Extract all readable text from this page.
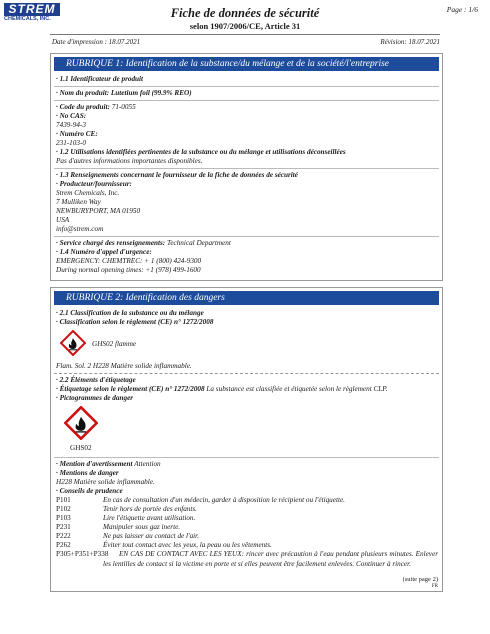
STREM
CHEMICALS, INC.	Fiche de données de sécurité
selon 1907/2006/CE, Article 31
Page : 1/6
Date d'impression : 18.07.2021	Révision: 18.07.2021
RUBRIQUE 1: Identification de la substance/du mélange et de la société/l'entreprise
· 1.1 Identificateur de produit
· Nom du produit: Lutetium foil (99.9% REO)
· Code du produit: 71-0055
· No CAS:
7439-94-3
· Numéro CE:
231-103-0
· 1.2 Utilisations identifiées pertinentes de la substance ou du mélange et utilisations déconseillées
Pas d'autres informations importantes disponibles.
· 1.3 Renseignements concernant le fournisseur de la fiche de données de sécurité
· Producteur/fournisseur:
Strem Chemicals, Inc.
7 Mulliken Way
NEWBURYPORT, MA 01950
USA
info@strem.com
· Service chargé des renseignements: Technical Department
· 1.4 Numéro d'appel d'urgence:
EMERGENCY: CHEMTREC: + 1 (800) 424-9300
During normal opening times: +1 (978) 499-1600
RUBRIQUE 2: Identification des dangers
· 2.1 Classification de la substance ou du mélange
· Classification selon le règlement (CE) n° 1272/2008
GHS02 flamme
Flam. Sol. 2 H228 Matière solide inflammable.
· 2.2 Éléments d'étiquetage
· Étiquetage selon le règlement (CE) n° 1272/2008 La substance est classifiée et étiquetée selon le règlement CLP.
· Pictogrammes de danger
GHS02
· Mention d'avertissement Attention
· Mentions de danger
H228 Matière solide inflammable.
· Conseils de prudence
P101	En cas de consultation d'un médecin, garder à disposition le récipient ou l'étiquette.
P102	Tenir hors de portée des enfants.
P103	Lire l'étiquette avant utilisation.
P231	Manipuler sous gaz inerte.
P222	Ne pas laisser au contact de l'air.
P262	Éviter tout contact avec les yeux, la peau ou les vêtements.
P305+P351+P338	EN CAS DE CONTACT AVEC LES YEUX: rincer avec précaution à l'eau pendant plusieurs minutes. Enlever les lentilles de contact si la victime en porte et si elles peuvent être facilement enlevées. Continuer à rincer.
(suite page 2)
FR
